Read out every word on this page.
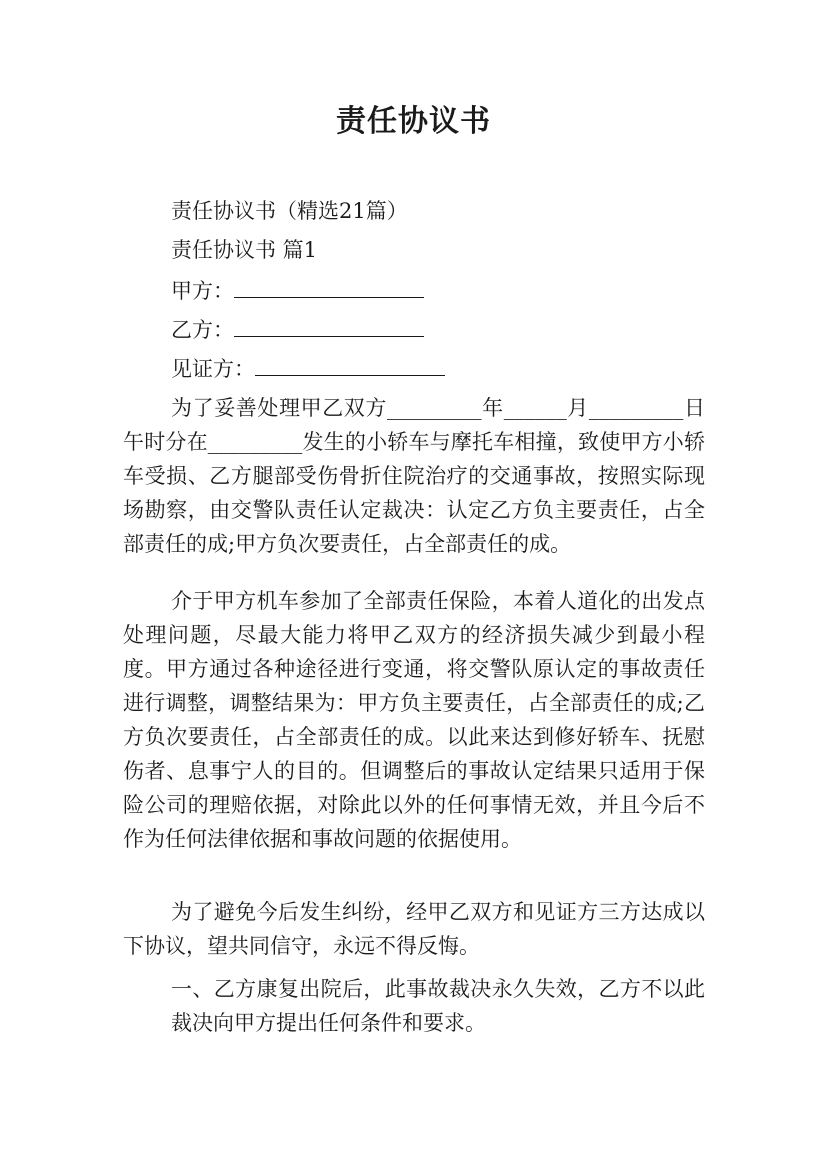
责任协议书

责任协议书（精选21篇）

责任协议书 篇1

甲方：

乙方：

见证方：

为了妥善处理甲乙双方_________年______月_________日午时分在_________发生的小轿车与摩托车相撞，致使甲方小轿车受损、乙方腿部受伤骨折住院治疗的交通事故，按照实际现场勘察，由交警队责任认定裁决：认定乙方负主要责任，占全部责任的成;甲方负次要责任，占全部责任的成。

介于甲方机车参加了全部责任保险，本着人道化的出发点处理问题，尽最大能力将甲乙双方的经济损失减少到最小程度。甲方通过各种途径进行变通，将交警队原认定的事故责任进行调整，调整结果为：甲方负主要责任，占全部责任的成;乙方负次要责任，占全部责任的成。以此来达到修好轿车、抚慰伤者、息事宁人的目的。但调整后的事故认定结果只适用于保险公司的理赔依据，对除此以外的任何事情无效，并且今后不作为任何法律依据和事故问题的依据使用。

为了避免今后发生纠纷，经甲乙双方和见证方三方达成以下协议，望共同信守，永远不得反悔。

一、乙方康复出院后，此事故裁决永久失效，乙方不以此裁决向甲方提出任何条件和要求。
